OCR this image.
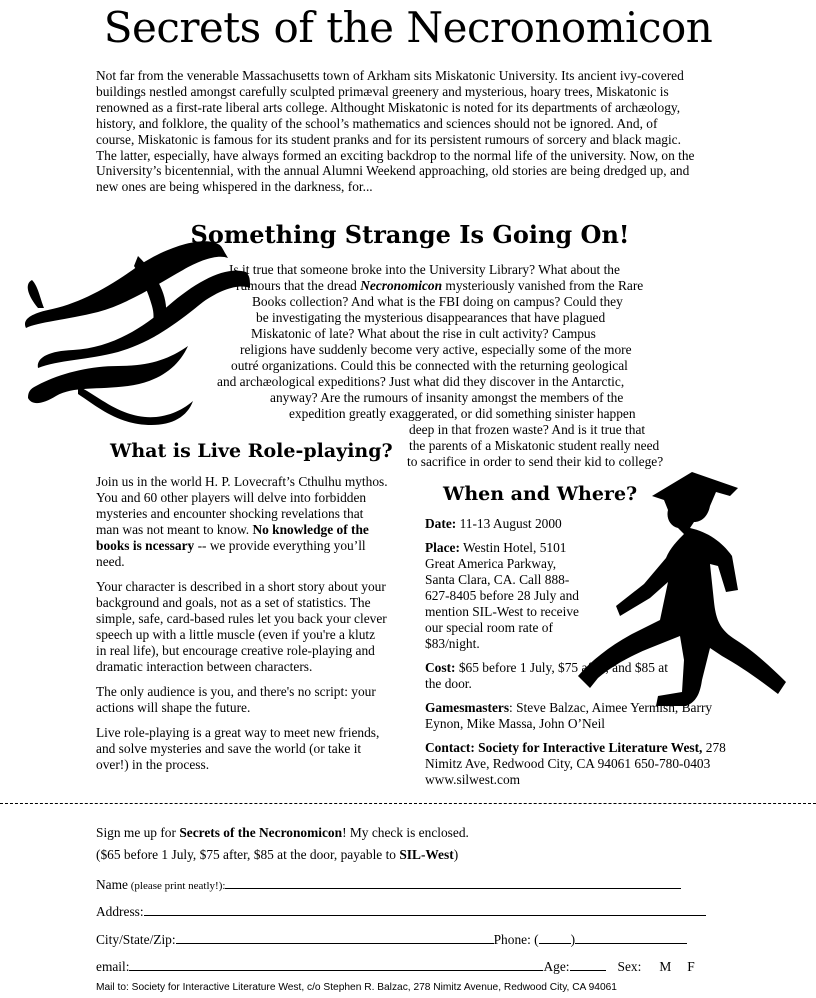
Secrets of the Necronomicon
Not far from the venerable Massachusetts town of Arkham sits Miskatonic University. Its ancient ivy-covered buildings nestled amongst carefully sculpted primæval greenery and mysterious, hoary trees, Miskatonic is renowned as a first-rate liberal arts college. Althought Miskatonic is noted for its departments of archæology, history, and folklore, the quality of the school’s mathematics and sciences should not be ignored. And, of course, Miskatonic is famous for its student pranks and for its persistent rumours of sorcery and black magic. The latter, especially, have always formed an exciting backdrop to the normal life of the university. Now, on the University’s bicentennial, with the annual Alumni Weekend approaching, old stories are being dredged up, and new ones are being whispered in the darkness, for...
Something Strange Is Going On!
Is it true that someone broke into the University Library? What about the
rumours that the dread Necronomicon mysteriously vanished from the Rare
Books collection? And what is the FBI doing on campus? Could they
be investigating the mysterious disappearances that have plagued
Miskatonic of late? What about the rise in cult activity? Campus
religions have suddenly become very active, especially some of the more
outré organizations. Could this be connected with the returning geological
and archæological expeditions? Just what did they discover in the Antarctic,
anyway? Are the rumours of insanity amongst the members of the
expedition greatly exaggerated, or did something sinister happen
deep in that frozen waste? And is it true that
the parents of a Miskatonic student really need
to sacrifice in order to send their kid to college?
What is Live Role-playing?

Join us in the world H. P. Lovecraft’s Cthulhu mythos. You and 60 other players will delve into forbidden mysteries and encounter shocking revelations that man was not meant to know. No knowledge of the books is ncessary -- we provide everything you’ll need.

Your character is described in a short story about your background and goals, not as a set of statistics. The simple, safe, card-based rules let you back your clever speech up with a little muscle (even if you're a klutz in real life), but encourage creative role-playing and dramatic interaction between characters.

The only audience is you, and there's no script: your actions will shape the future.

Live role-playing is a great way to meet new friends, and solve mysteries and save the world (or take it over!) in the process.

When and Where?

Date: 11-13 August 2000

Place: Westin Hotel, 5101 Great America Parkway, Santa Clara, CA. Call 888-627-8405 before 28 July and mention SIL-West to receive our special room rate of $83/night.

Cost: $65 before 1 July, $75 after, and $85 at the door.

Gamesmasters: Steve Balzac, Aimee Yermish, Barry Eynon, Mike Massa, John O’Neil

Contact: Society for Interactive Literature West, 278 Nimitz Ave, Redwood City, CA 94061 650-780-0403 www.silwest.com

Sign me up for Secrets of the Necronomicon! My check is enclosed.
($65 before 1 July, $75 after, $85 at the door, payable to SIL-West)
Name (please print neatly!):
Address:
City/State/Zip:	Phone: ( )
email:	Age:	Sex: M F
Mail to: Society for Interactive Literature West, c/o Stephen R. Balzac, 278 Nimitz Avenue, Redwood City, CA 94061
